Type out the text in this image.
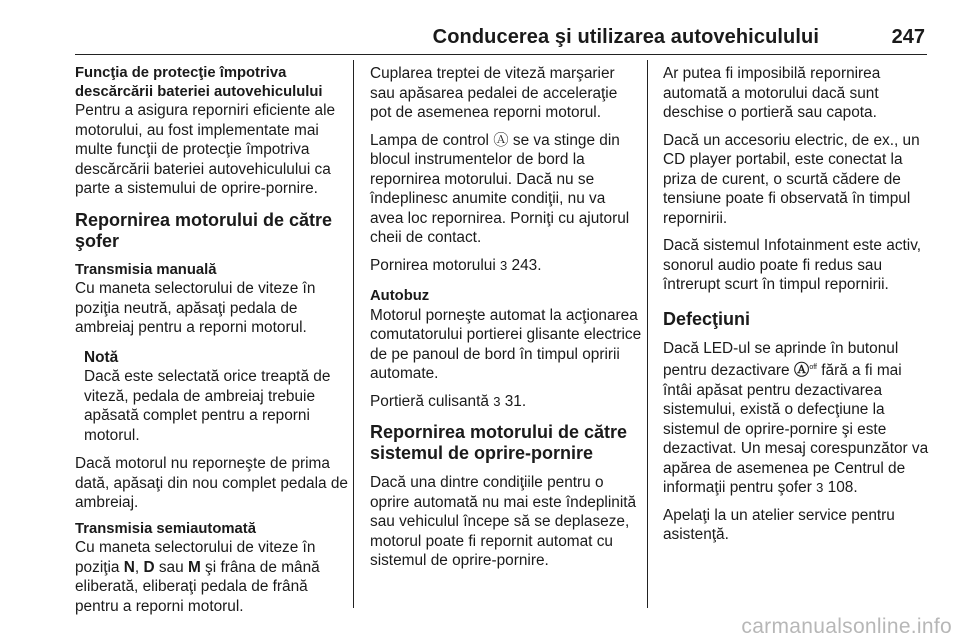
Conducerea şi utilizarea autovehiculului	247
Funcţia de protecţie împotriva descărcării bateriei autovehiculului

Pentru a asigura reporniri eficiente ale motorului, au fost implementate mai multe funcţii de protecţie împotriva descărcării bateriei autovehiculului ca parte a sistemului de oprire-pornire.

Repornirea motorului de către şofer
Transmisia manuală

Cu maneta selectorului de viteze în poziţia neutră, apăsaţi pedala de ambreiaj pentru a reporni motorul.

Notă
Dacă este selectată orice treaptă de viteză, pedala de ambreiaj trebuie apăsată complet pentru a reporni motorul.

Dacă motorul nu reporneşte de prima dată, apăsaţi din nou complet pedala de ambreiaj.

Transmisia semiautomată

Cu maneta selectorului de viteze în poziţia N, D sau M şi frâna de mână eliberată, eliberaţi pedala de frână pentru a reporni motorul.

Cuplarea treptei de viteză marşarier sau apăsarea pedalei de acceleraţie pot de asemenea reporni motorul.

Lampa de control Ⓐ se va stinge din blocul instrumentelor de bord la repornirea motorului. Dacă nu se îndeplinesc anumite condiţii, nu va avea loc repornirea. Porniţi cu ajutorul cheii de contact.

Pornirea motorului 3 243.

Autobuz

Motorul porneşte automat la acţionarea comutatorului portierei glisante electrice de pe panoul de bord în timpul opririi automate.

Portieră culisantă 3 31.

Repornirea motorului de către sistemul de oprire-pornire

Dacă una dintre condiţiile pentru o oprire automată nu mai este îndeplinită sau vehiculul începe să se deplaseze, motorul poate fi repornit automat cu sistemul de oprire-pornire.

Ar putea fi imposibilă repornirea automată a motorului dacă sunt deschise o portieră sau capota.

Dacă un accesoriu electric, de ex., un CD player portabil, este conectat la priza de curent, o scurtă cădere de tensiune poate fi observată în timpul repornirii.

Dacă sistemul Infotainment este activ, sonorul audio poate fi redus sau întrerupt scurt în timpul repornirii.

Defecţiuni

Dacă LED-ul se aprinde în butonul pentru dezactivare Ⓐ$^{off}$ fără a fi mai întâi apăsat pentru dezactivarea sistemului, există o defecţiune la sistemul de oprire-pornire şi este dezactivat. Un mesaj corespunzător va apărea de asemenea pe Centrul de informaţii pentru şofer 3 108.

Apelaţi la un atelier service pentru asistenţă.

carmanualsonline.info
